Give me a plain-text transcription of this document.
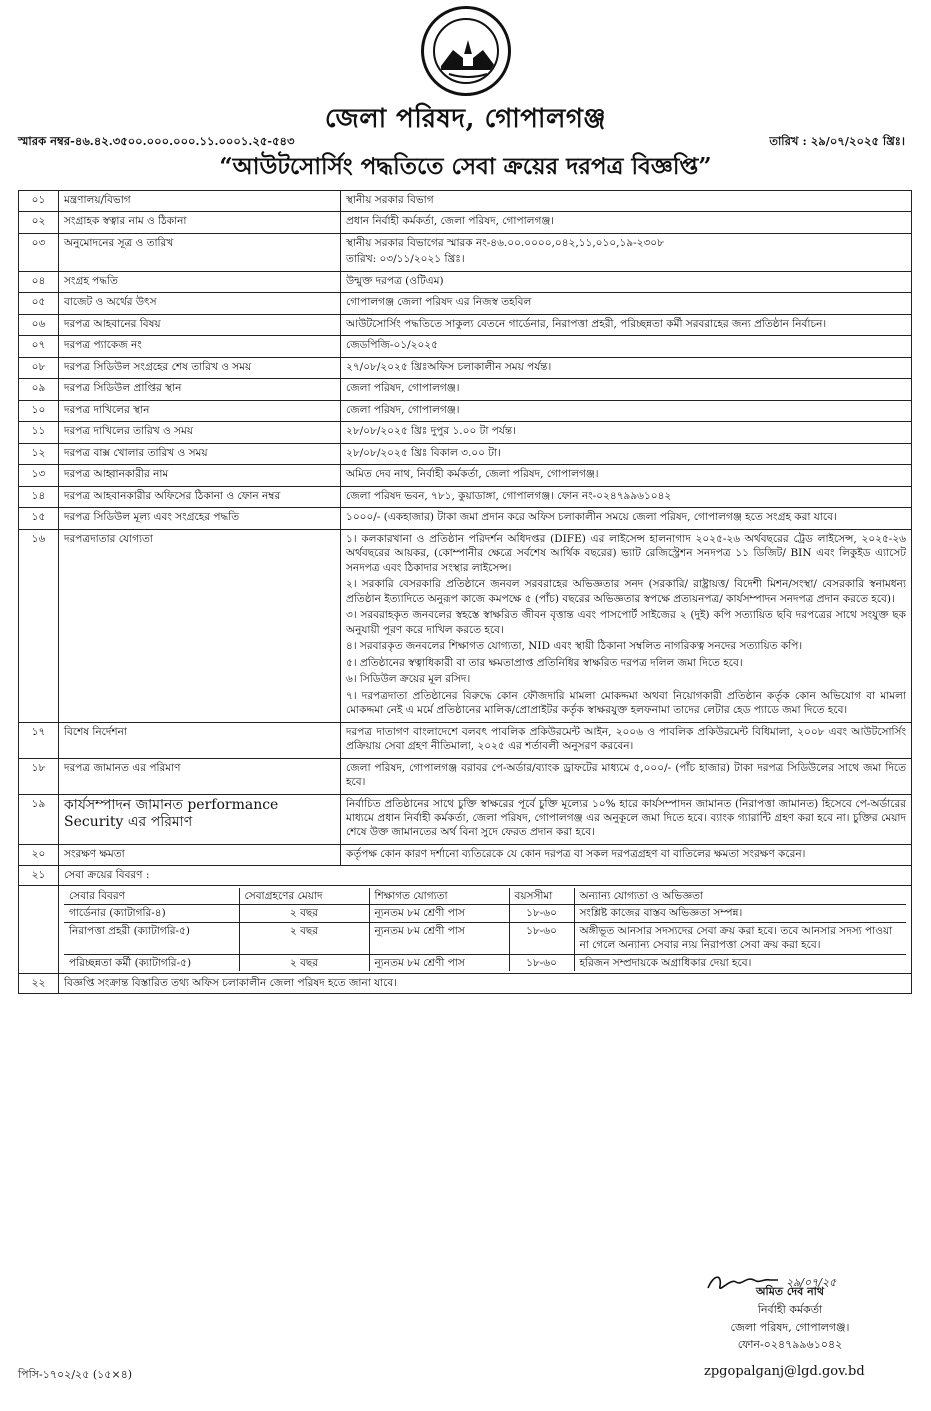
জেলা পরিষদ, গোপালগঞ্জ
স্মারক নম্বর-৪৬.৪২.৩৫০০.০০০.০০০.১১.০০০১.২৫-৫৪৩	তারিখ : ২৯/০৭/২০২৫ খ্রিঃ।
“আউটসোর্সিং পদ্ধতিতে সেবা ক্রয়ের দরপত্র বিজ্ঞপ্তি”
০১	মন্ত্রণালয়/বিভাগ	স্থানীয় সরকার বিভাগ

০২	সংগ্রাহক স্বত্বার নাম ও ঠিকানা	প্রধান নির্বাহী কর্মকর্তা, জেলা পরিষদ, গোপালগঞ্জ।

০৩	অনুমোদনের সূত্র ও তারিখ	স্থানীয় সরকার বিভাগের স্মারক নং-৪৬.০০.০০০০,০৪২,১১,০১০,১৯-২৩০৮
তারিখ: ০৩/১১/২০২১ খ্রিঃ।

০৪	সংগ্রহ পদ্ধতি	উন্মুক্ত দরপত্র (ওটিএম)

০৫	বাজেট ও অর্থের উৎস	গোপালগঞ্জ জেলা পরিষদ এর নিজস্ব তহবিল

০৬	দরপত্র আহবানের বিষয়	আউটসোর্সিং পদ্ধতিতে সাকুল্য বেতনে গার্ডেনার, নিরাপত্তা প্রহরী, পরিচ্ছন্নতা কর্মী সরবরাহের জন্য প্রতিষ্ঠান নির্বাচন।

০৭	দরপত্র প্যাকেজ নং	জেডপিজি-০১/২০২৫

০৮	দরপত্র সিডিউল সংগ্রহের শেষ তারিখ ও সময়	২৭/০৮/২০২৫ খ্রিঃঅফিস চলাকালীন সময় পর্যন্ত।

০৯	দরপত্র সিডিউল প্রাপ্তির স্থান	জেলা পরিষদ, গোপালগঞ্জ।

১০	দরপত্র দাখিলের স্থান	জেলা পরিষদ, গোপালগঞ্জ।

১১	দরপত্র দাখিলের তারিখ ও সময়	২৮/০৮/২০২৫ খ্রিঃ দুপুর ১.০০ টা পর্যন্ত।

১২	দরপত্র বাক্স খোলার তারিখ ও সময়	২৮/০৮/২০২৫ খ্রিঃ বিকাল ৩.০০ টা।

১৩	দরপত্র আহ্বানকারীর নাম	অমিত দেব নাথ, নির্বাহী কর্মকর্তা, জেলা পরিষদ, গোপালগঞ্জ।

১৪	দরপত্র আহবানকারীর অফিসের ঠিকানা ও ফোন নম্বর	জেলা পরিষদ ভবন, ৭৮১, কুয়াডাঙ্গা, গোপালগঞ্জ। ফোন নং-০২৪৭৯৯৬১০৪২

১৫	দরপত্র সিডিউল মূল্য এবং সংগ্রহের পদ্ধতি	১০০০/- (একহাজার) টাকা জমা প্রদান করে অফিস চলাকালীন সময়ে জেলা পরিষদ, গোপালগঞ্জ হতে সংগ্রহ করা যাবে।

১৬	দরপত্রদাতার যোগ্যতা	১। কলকারখানা ও প্রতিষ্ঠান পরিদর্শন অধিদপ্তর (DIFE) এর লাইসেন্স হালনাগাদ ২০২৫-২৬ অর্থবছরের ট্রেড লাইসেন্স, ২০২৫-২৬ অর্থবছরের আয়কর, (কোম্পানীর ক্ষেত্রে সর্বশেষ আর্থিক বছরের) ভ্যাট রেজিস্ট্রেশন সনদপত্র ১১ ডিজিট/ BIN এবং লিকুইড এ্যাসেট সনদপত্র এবং ঠিকাদার সংস্থার লাইসেন্স।
২। সরকারি বেসরকারি প্রতিষ্ঠানে জনবল সরবরাহের অভিজ্ঞতার সনদ (সরকারি/ রাষ্ট্রায়ত্ত/ বিদেশী মিশন/সংস্থা/ বেসরকারি স্বনামধন্য প্রতিষ্ঠান ইত্যাদিতে অনুরূপ কাজে কমপক্ষে ৫ (পাঁচ) বছরের অভিজ্ঞতার স্বপক্ষে প্রত্যয়নপত্র/ কার্যসম্পাদন সনদপত্র প্রদান করতে হবে)।
৩। সরবরাহকৃত জনবলের স্বহস্তে স্বাক্ষরিত জীবন বৃত্তান্ত এবং পাসপোর্ট সাইজের ২ (দুই) কপি সত্যায়িত ছবি দরপত্রের সাথে সংযুক্ত ছক অনুযায়ী পূরণ করে দাখিল করতে হবে।
৪। সরবারকৃত জনবলের শিক্ষাগত যোগ্যতা, NID এবং স্থায়ী ঠিকানা সম্বলিত নাগরিকত্ব সনদের সত্যায়িত কপি।
৫। প্রতিষ্ঠানের স্বত্বাধিকারী বা তার ক্ষমতাপ্রাপ্ত প্রতিনিধির স্বাক্ষরিত দরপত্র দলিল জমা দিতে হবে।
৬। সিডিউল ক্রয়ের মূল রসিদ।
৭। দরপত্রদাতা প্রতিষ্ঠানের বিরুদ্ধে কোন ফৌজদারি মামলা মোকদ্দমা অথবা নিয়োগকারী প্রতিষ্ঠান কর্তৃক কোন অভিযোগ বা মামলা মোকদ্দমা নেই এ মর্মে প্রতিষ্ঠানের মালিক/প্রোপ্রাইটর কর্তৃক স্বাক্ষরযুক্ত হলফনামা তাদের লেটার হেড প্যাডে জমা দিতে হবে।

১৭	বিশেষ নির্দেশনা	দরপত্র দাতাগণ বাংলাদেশে বলবৎ পাবলিক প্রকিউরমেন্ট আইন, ২০০৬ ও পাবলিক প্রকিউরমেন্ট বিধিমালা, ২০০৮ এবং আউটসোর্সিং প্রক্রিয়ায় সেবা গ্রহণ নীতিমালা, ২০২৫ এর শর্তাবলী অনুসরণ করবেন।

১৮	দরপত্র জামানত এর পরিমাণ	জেলা পরিষদ, গোপালগঞ্জ বরাবর পে-অর্ডার/ব্যাংক ড্রাফটের মাধ্যমে ৫,০০০/- (পাঁচ হাজার) টাকা দরপত্র সিডিউলের সাথে জমা দিতে হবে।

১৯	কার্যসম্পাদন জামানত performance Security এর পরিমাণ	
নির্বাচিত প্রতিষ্ঠানের সাথে চুক্তি স্বাক্ষরের পূর্বে চুক্তি মূল্যের ১০% হারে কার্যসম্পাদন জামানত (নিরাপত্তা জামানত) হিসেবে পে-অর্ডারের মাধ্যমে প্রধান নির্বাহী কর্মকর্তা, জেলা পরিষদ, গোপালগঞ্জ এর অনুকূলে জমা দিতে হবে। ব্যাংক গ্যারান্টি গ্রহণ করা হবে না। চুক্তির মেয়াদ শেষে উক্ত জামানতের অর্থ বিনা সুদে ফেরত প্রদান করা হবে।

২০	সংরক্ষণ ক্ষমতা	কর্তৃপক্ষ কোন কারণ দর্শানো ব্যতিরেকে যে কোন দরপত্র বা সকল দরপত্রগ্রহণ বা বাতিলের ক্ষমতা সংরক্ষণ করেন।

২১	সেবা ক্রয়ের বিবরণ :

সেবার বিবরণ	সেবাগ্রহণের মেয়াদ	শিক্ষাগত যোগ্যতা	বয়সসীমা	অন্যান্য যোগ্যতা ও অভিজ্ঞতা
গার্ডেনার (ক্যাটাগরি-৪)	২ বছর	ন্যূনতম ৮ম শ্রেণী পাস	১৮-৬০	সংশ্লিষ্ট কাজের বাস্তব অভিজ্ঞতা সম্পন্ন।
নিরাপত্তা প্রহরী (ক্যাটাগরি-৫)	২ বছর	ন্যূনতম ৮ম শ্রেণী পাস	১৮-৬০	অঙ্গীভূত আনসার সদস্যদের সেবা ক্রয় করা হবে। তবে আনসার সদস্য পাওয়া না গেলে অন্যান্য সেবার ন্যয় নিরাপত্তা সেবা ক্রয় করা হবে।
পরিচ্ছন্নতা কর্মী (ক্যাটাগরি-৫)	২ বছর	ন্যূনতম ৮ম শ্রেণী পাস	১৮-৬০	হরিজন সম্প্রদায়কে অগ্রাধিকার দেয়া হবে।

২২	বিজ্ঞপ্তি সংক্রান্ত বিস্তারিত তথ্য অফিস চলাকালীন জেলা পরিষদ হতে জানা যাবে।
২৯/০৭/২৫
অমিত দেব নাথ
নির্বাহী কর্মকর্তা
জেলা পরিষদ, গোপালগঞ্জ।
ফোন-০২৪৭৯৯৬১০৪২
পিসি-১৭০২/২৫ (১৫×৪)	zpgopalganj@lgd.gov.bd
